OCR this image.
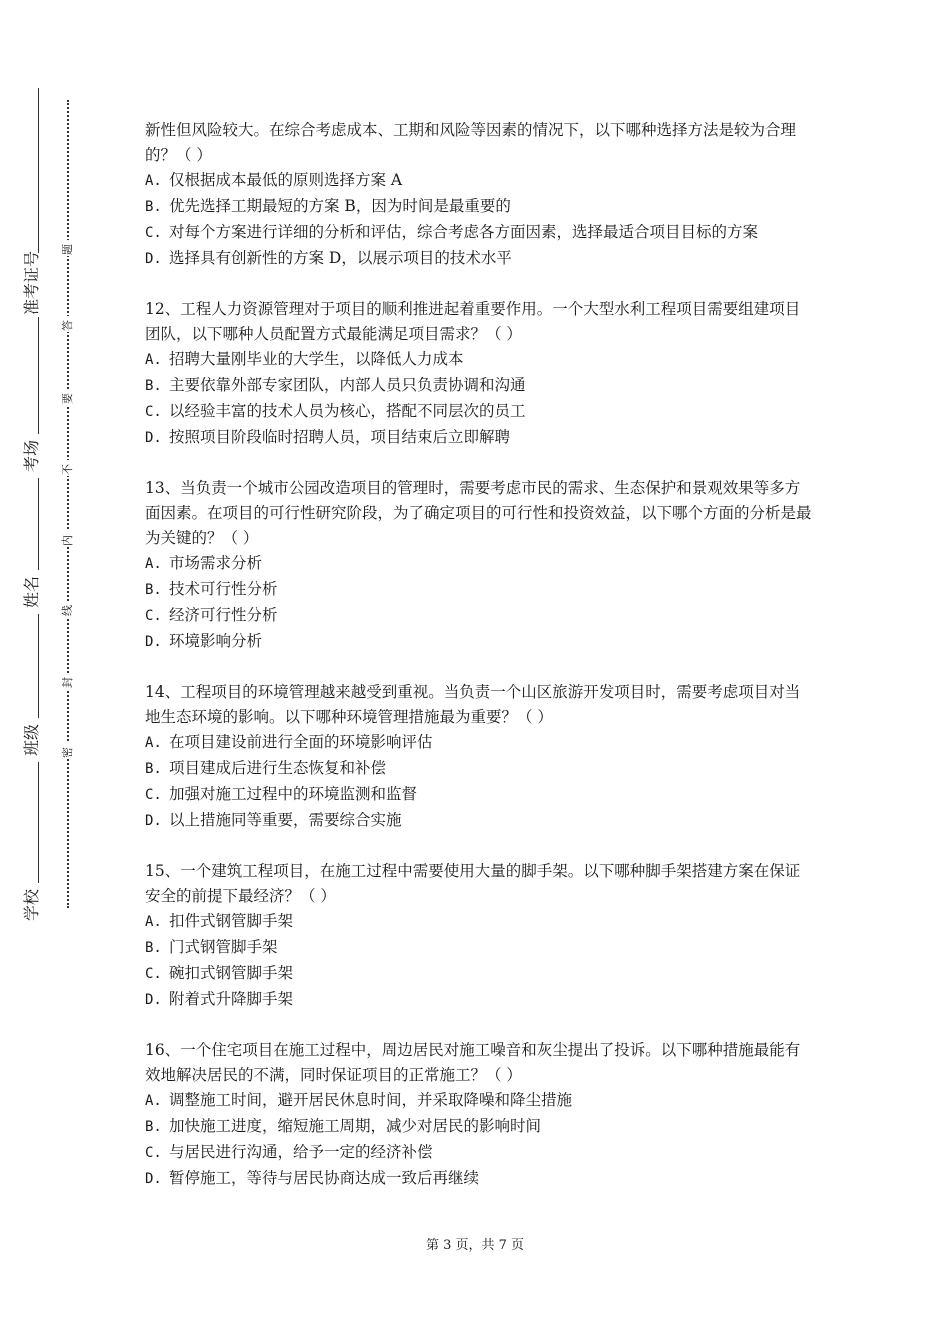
准考证号
考场
姓名
班级
学校
题
答
要
不
内
线
封
密

新性但风险较大。在综合考虑成本、工期和风险等因素的情况下，以下哪种选择方法是较为合理的？（ ）

A. 仅根据成本最低的原则选择方案 A

B. 优先选择工期最短的方案 B，因为时间是最重要的

C. 对每个方案进行详细的分析和评估，综合考虑各方面因素，选择最适合项目目标的方案

D. 选择具有创新性的方案 D，以展示项目的技术水平

12、工程人力资源管理对于项目的顺利推进起着重要作用。一个大型水利工程项目需要组建项目团队，以下哪种人员配置方式最能满足项目需求？（ ）

A. 招聘大量刚毕业的大学生，以降低人力成本

B. 主要依靠外部专家团队，内部人员只负责协调和沟通

C. 以经验丰富的技术人员为核心，搭配不同层次的员工

D. 按照项目阶段临时招聘人员，项目结束后立即解聘

13、当负责一个城市公园改造项目的管理时，需要考虑市民的需求、生态保护和景观效果等多方面因素。在项目的可行性研究阶段，为了确定项目的可行性和投资效益，以下哪个方面的分析是最为关键的？（ ）

A. 市场需求分析

B. 技术可行性分析

C. 经济可行性分析

D. 环境影响分析

14、工程项目的环境管理越来越受到重视。当负责一个山区旅游开发项目时，需要考虑项目对当地生态环境的影响。以下哪种环境管理措施最为重要？（ ）

A. 在项目建设前进行全面的环境影响评估

B. 项目建成后进行生态恢复和补偿

C. 加强对施工过程中的环境监测和监督

D. 以上措施同等重要，需要综合实施

15、一个建筑工程项目，在施工过程中需要使用大量的脚手架。以下哪种脚手架搭建方案在保证安全的前提下最经济？（ ）

A. 扣件式钢管脚手架

B. 门式钢管脚手架

C. 碗扣式钢管脚手架

D. 附着式升降脚手架

16、一个住宅项目在施工过程中，周边居民对施工噪音和灰尘提出了投诉。以下哪种措施最能有效地解决居民的不满，同时保证项目的正常施工？（ ）

A. 调整施工时间，避开居民休息时间，并采取降噪和降尘措施

B. 加快施工进度，缩短施工周期，减少对居民的影响时间

C. 与居民进行沟通，给予一定的经济补偿

D. 暂停施工，等待与居民协商达成一致后再继续

第 3 页，共 7 页
